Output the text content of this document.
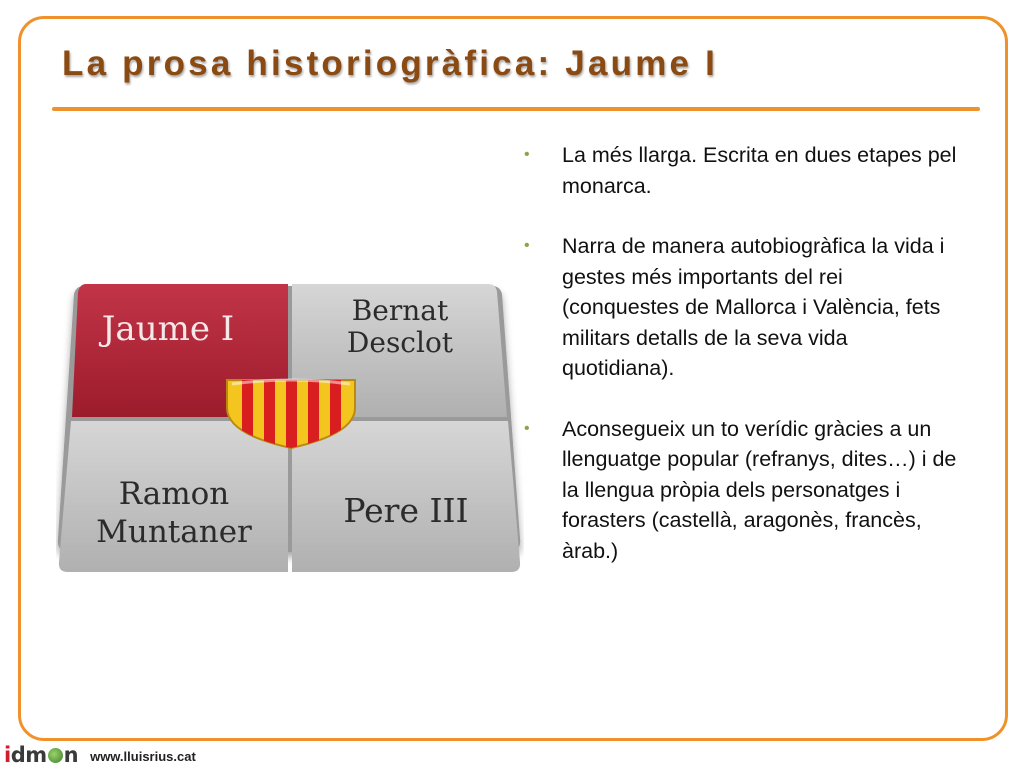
La prosa historiogràfica: Jaume I
Jaume I	Bernat
Desclot
Ramon
Muntaner
Pere III
• La més llarga. Escrita en dues etapes pel monarca.
• Narra de manera autobiogràfica la vida i gestes més importants del rei (conquestes de Mallorca i València, fets militars detalls de la seva vida quotidiana).
• Aconsegueix un to verídic gràcies a un llenguatge popular (refranys, dites…) i de la llengua pròpia dels personatges i forasters (castellà, aragonès, francès, àrab.)
idm n www.lluisrius.cat
